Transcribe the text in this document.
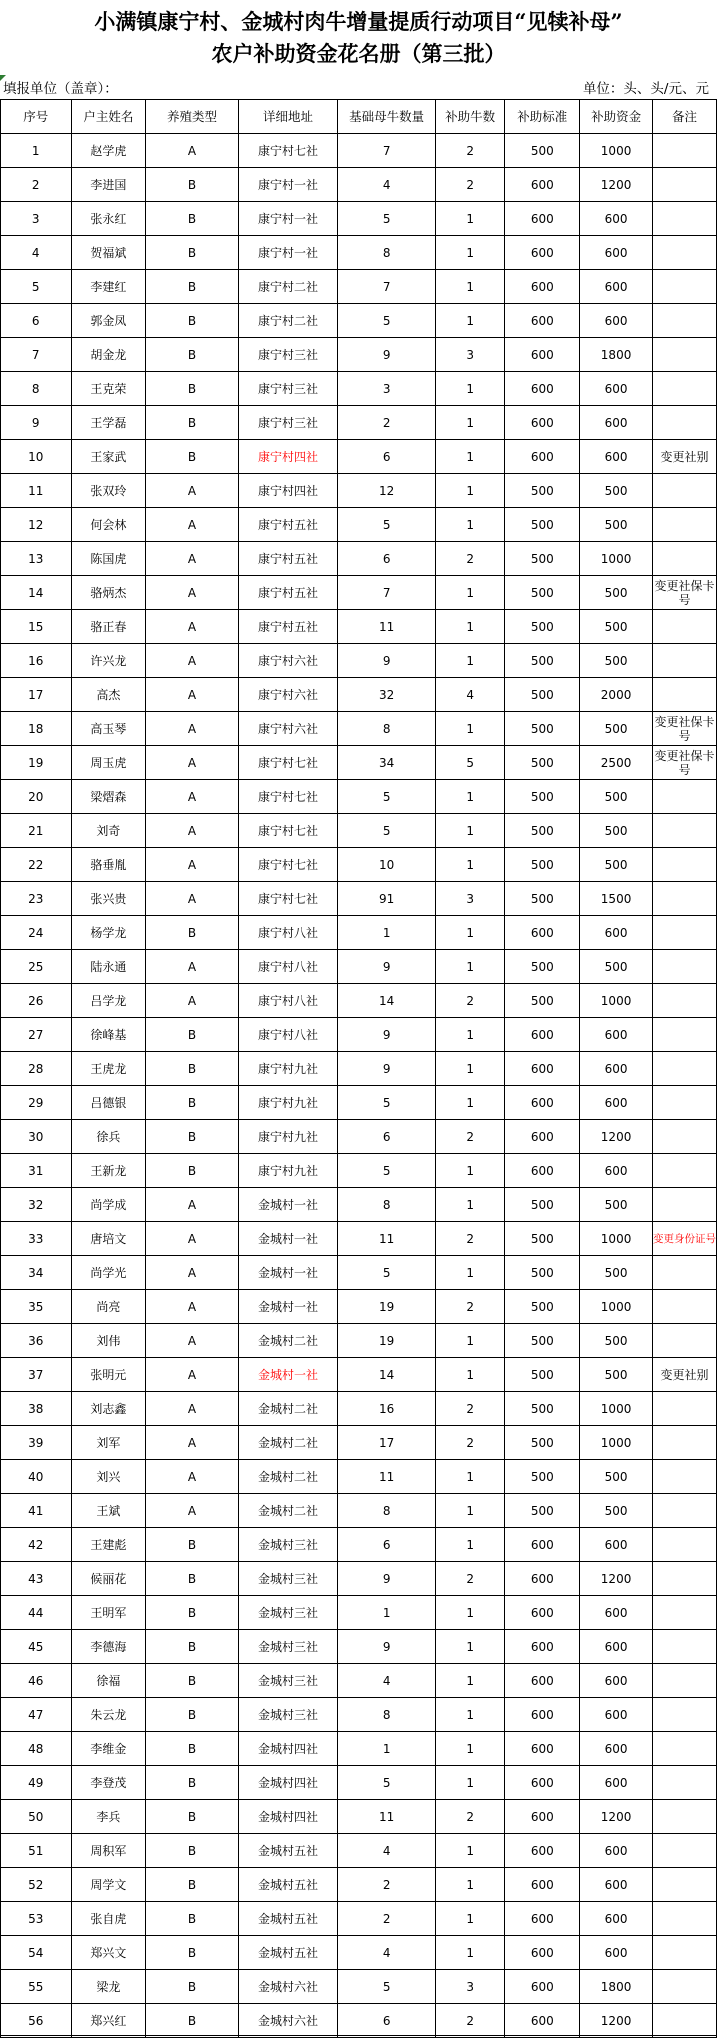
小满镇康宁村、金城村肉牛增量提质行动项目“见犊补母”
农户补助资金花名册（第三批）
填报单位（盖章）：	单位：头、头/元、元
序号	户主姓名	养殖类型	详细地址	基础母牛数量	补助牛数	补助标准	补助资金	备注
1	赵学虎	A	康宁村七社	7	2	500	1000	
2	李进国	B	康宁村一社	4	2	600	1200	
3	张永红	B	康宁村一社	5	1	600	600	
4	贺福斌	B	康宁村一社	8	1	600	600	
5	李建红	B	康宁村二社	7	1	600	600	
6	郭金凤	B	康宁村二社	5	1	600	600	
7	胡金龙	B	康宁村三社	9	3	600	1800	
8	王克荣	B	康宁村三社	3	1	600	600	
9	王学磊	B	康宁村三社	2	1	600	600	
10	王家武	B	康宁村四社	6	1	600	600	变更社别
11	张双玲	A	康宁村四社	12	1	500	500	
12	何会林	A	康宁村五社	5	1	500	500	
13	陈国虎	A	康宁村五社	6	2	500	1000	
14	骆炳杰	A	康宁村五社	7	1	500	500	变更社保卡号
15	骆正春	A	康宁村五社	11	1	500	500	
16	许兴龙	A	康宁村六社	9	1	500	500	
17	高杰	A	康宁村六社	32	4	500	2000	
18	高玉琴	A	康宁村六社	8	1	500	500	变更社保卡号
19	周玉虎	A	康宁村七社	34	5	500	2500	变更社保卡号
20	梁熠森	A	康宁村七社	5	1	500	500	
21	刘奇	A	康宁村七社	5	1	500	500	
22	骆垂胤	A	康宁村七社	10	1	500	500	
23	张兴贵	A	康宁村七社	91	3	500	1500	
24	杨学龙	B	康宁村八社	1	1	600	600	
25	陆永通	A	康宁村八社	9	1	500	500	
26	吕学龙	A	康宁村八社	14	2	500	1000	
27	徐峰基	B	康宁村八社	9	1	600	600	
28	王虎龙	B	康宁村九社	9	1	600	600	
29	吕德银	B	康宁村九社	5	1	600	600	
30	徐兵	B	康宁村九社	6	2	600	1200	
31	王新龙	B	康宁村九社	5	1	600	600	
32	尚学成	A	金城村一社	8	1	500	500	
33	唐培文	A	金城村一社	11	2	500	1000	变更身份证号
34	尚学光	A	金城村一社	5	1	500	500	
35	尚亮	A	金城村一社	19	2	500	1000	
36	刘伟	A	金城村二社	19	1	500	500	
37	张明元	A	金城村一社	14	1	500	500	变更社别
38	刘志鑫	A	金城村二社	16	2	500	1000	
39	刘军	A	金城村二社	17	2	500	1000	
40	刘兴	A	金城村二社	11	1	500	500	
41	王斌	A	金城村二社	8	1	500	500	
42	王建彪	B	金城村三社	6	1	600	600	
43	候丽花	B	金城村三社	9	2	600	1200	
44	王明军	B	金城村三社	1	1	600	600	
45	李德海	B	金城村三社	9	1	600	600	
46	徐福	B	金城村三社	4	1	600	600	
47	朱云龙	B	金城村三社	8	1	600	600	
48	李维金	B	金城村四社	1	1	600	600	
49	李登茂	B	金城村四社	5	1	600	600	
50	李兵	B	金城村四社	11	2	600	1200	
51	周积军	B	金城村五社	4	1	600	600	
52	周学文	B	金城村五社	2	1	600	600	
53	张自虎	B	金城村五社	2	1	600	600	
54	郑兴文	B	金城村五社	4	1	600	600	
55	梁龙	B	金城村六社	5	3	600	1800	
56	郑兴红	B	金城村六社	6	2	600	1200	
